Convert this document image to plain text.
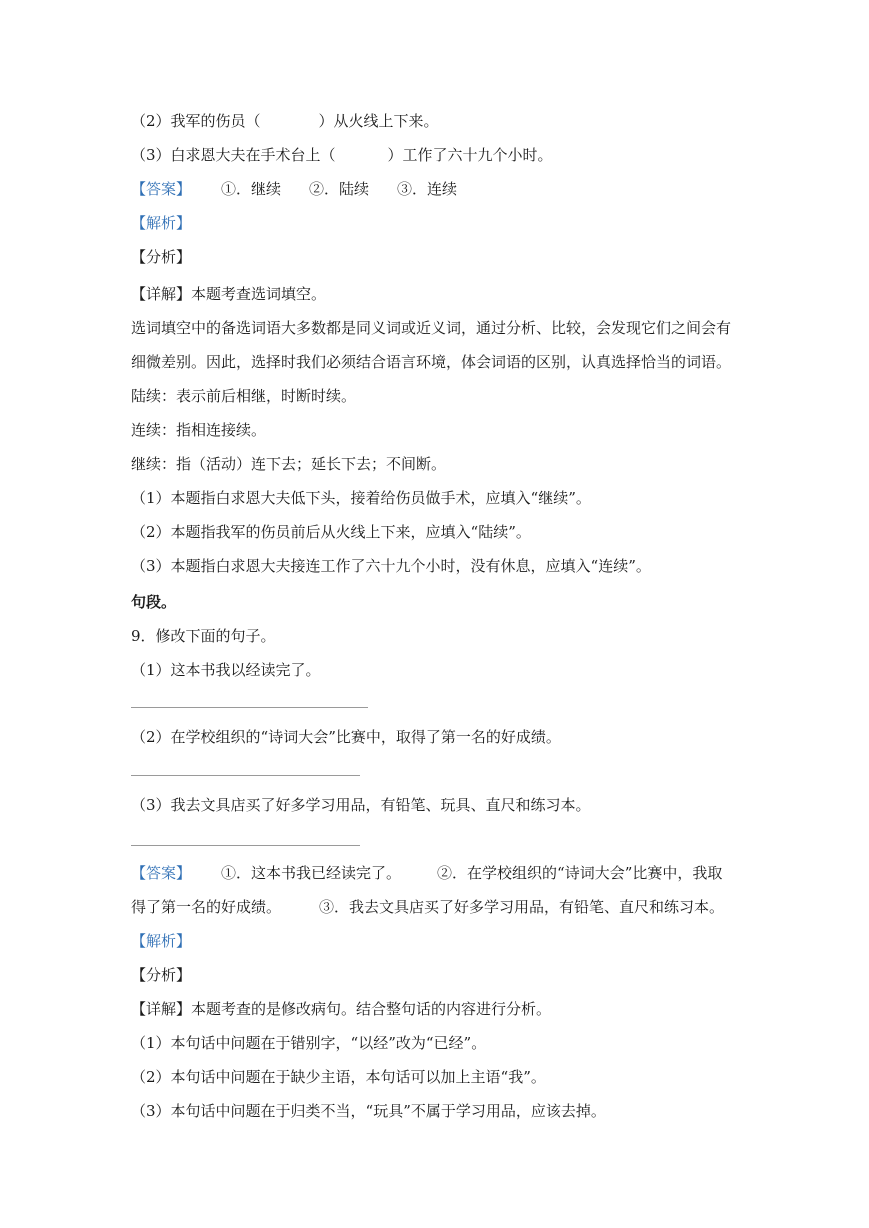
（2）我军的伤员（	）从火线上下来。
（3）白求恩大夫在手术台上（	）工作了六十九个小时。
【答案】 ①．继续 ②．陆续 ③．连续
【解析】
【分析】
【详解】本题考查选词填空。
选词填空中的备选词语大多数都是同义词或近义词，通过分析、比较，会发现它们之间会有
细微差别。因此，选择时我们必须结合语言环境，体会词语的区别，认真选择恰当的词语。
陆续：表示前后相继，时断时续。
连续：指相连接续。
继续：指（活动）连下去；延长下去；不间断。
（1）本题指白求恩大夫低下头，接着给伤员做手术，应填入“继续”。
（2）本题指我军的伤员前后从火线上下来，应填入“陆续”。
（3）本题指白求恩大夫接连工作了六十九个小时，没有休息，应填入“连续”。
句段。
9．修改下面的句子。
（1）这本书我以经读完了。
（2）在学校组织的“诗词大会”比赛中，取得了第一名的好成绩。
（3）我去文具店买了好多学习用品，有铅笔、玩具、直尺和练习本。
【答案】 ①．这本书我已经读完了。 ②．在学校组织的“诗词大会”比赛中，我取
得了第一名的好成绩。	③．我去文具店买了好多学习用品，有铅笔、直尺和练习本。
【解析】
【分析】
【详解】本题考查的是修改病句。结合整句话的内容进行分析。
（1）本句话中问题在于错别字，“以经”改为“已经”。
（2）本句话中问题在于缺少主语，本句话可以加上主语“我”。
（3）本句话中问题在于归类不当，“玩具”不属于学习用品，应该去掉。
